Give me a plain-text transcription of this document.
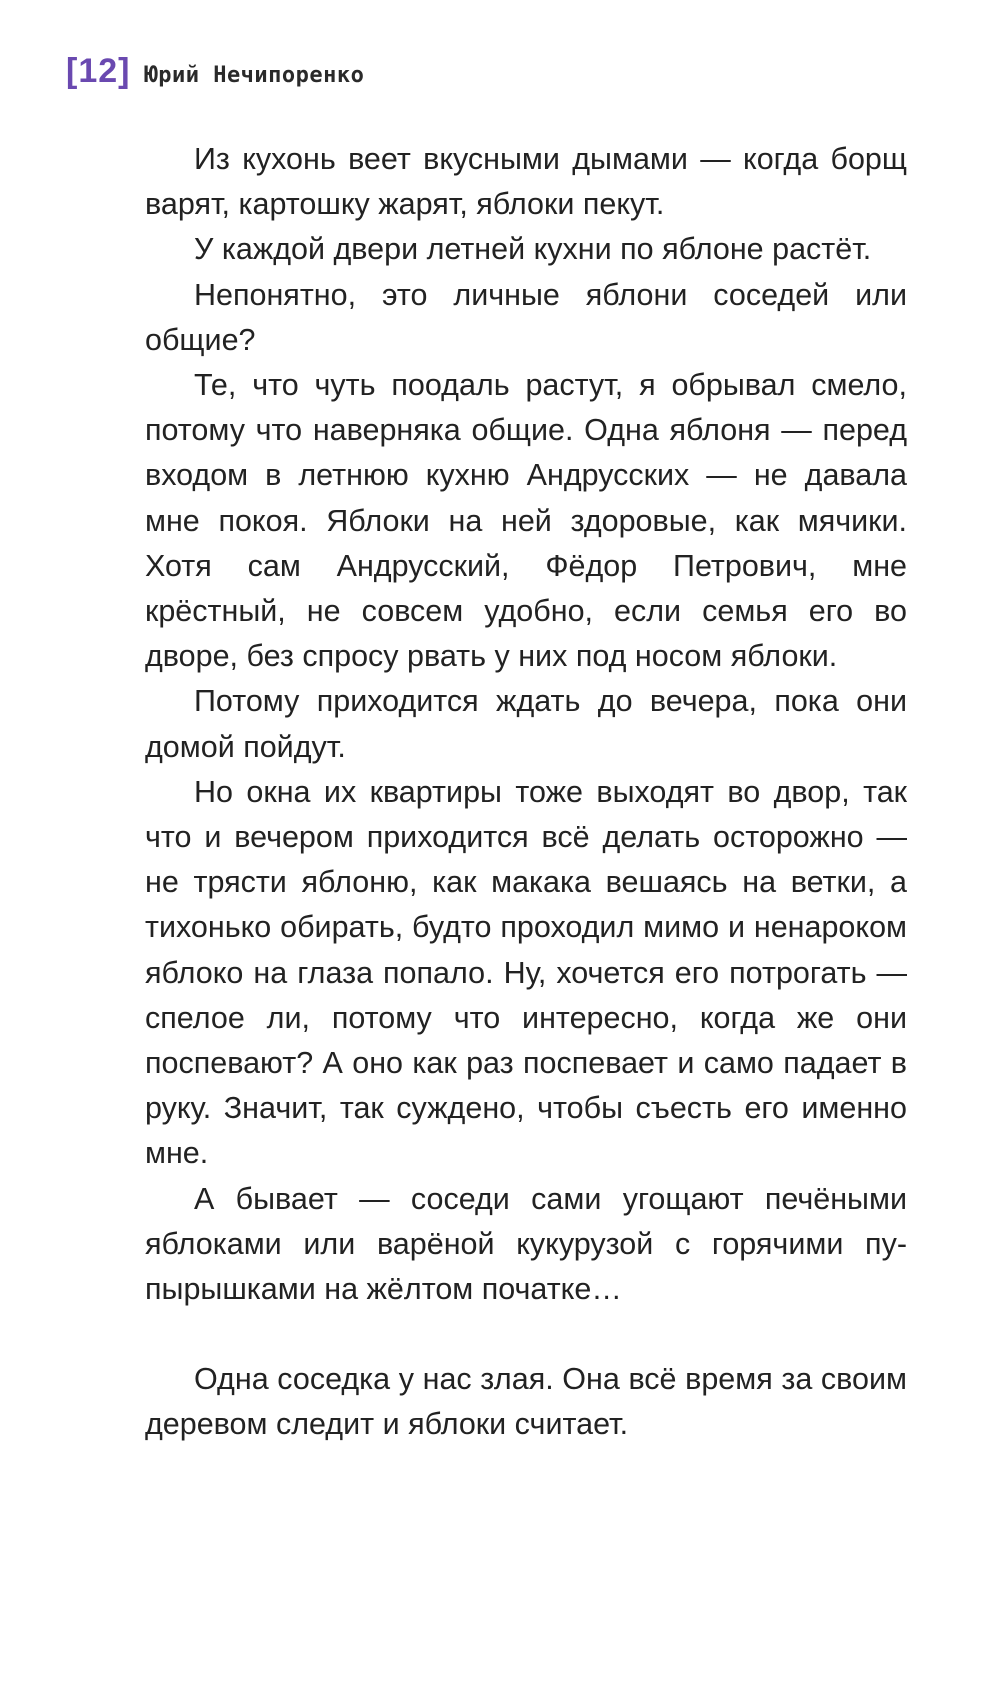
[12] Юрий Нечипоренко

Из кухонь веет вкусными дымами — когда борщ варят, картошку жарят, яблоки пекут.

У каждой двери летней кухни по яблоне растёт.

Непонятно, это личные яблони соседей или общие?

Те, что чуть поодаль растут, я обрывал смело, потому что наверняка общие. Одна яблоня — перед входом в летнюю кухню Андрусских — не давала мне покоя. Яблоки на ней здоровые, как мячики. Хотя сам Андрусский, Фёдор Петрович, мне крёстный, не совсем удобно, если семья его во дворе, без спросу рвать у них под носом яблоки.

Потому приходится ждать до вечера, пока они домой пойдут.

Но окна их квартиры тоже выходят во двор, так что и вечером приходится всё делать осторожно — не трясти яблоню, как макака вешаясь на ветки, а тихонько обирать, будто проходил мимо и ненароком яблоко на глаза попало. Ну, хочется его потрогать — спелое ли, потому что интересно, когда же они поспевают? А оно как раз поспевает и само падает в руку. Значит, так суждено, чтобы съесть его именно мне.

А бывает — соседи сами угощают печёными яблоками или варёной кукурузой с горячими пупырышками на жёлтом початке…

Одна соседка у нас злая. Она всё время за своим деревом следит и яблоки считает.
